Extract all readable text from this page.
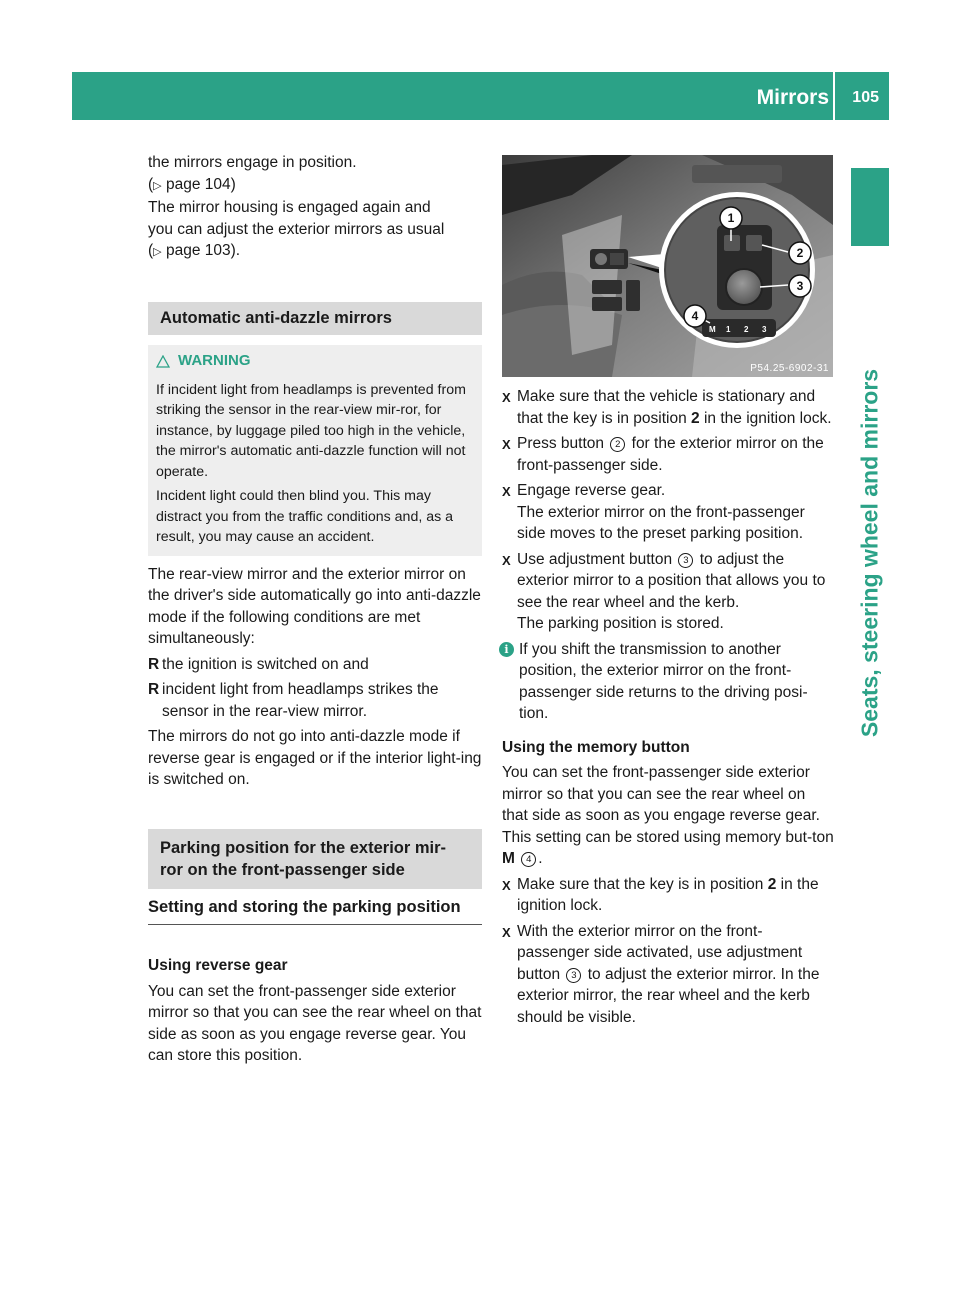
Mirrors 105
Seats, steering wheel and mirrors

the mirrors engage in position.

(▷ page 104)

The mirror housing is engaged again and

you can adjust the exterior mirrors as usual

(▷ page 103).

Automatic anti-dazzle mirrors
WARNING

If incident light from headlamps is prevented from striking the sensor in the rear-view mir-ror, for instance, by luggage piled too high in the vehicle, the mirror's automatic anti-dazzle function will not operate.

Incident light could then blind you. This may distract you from the traffic conditions and, as a result, you may cause an accident.

The rear-view mirror and the exterior mirror on the driver's side automatically go into anti-dazzle mode if the following conditions are met simultaneously:

R the ignition is switched on and
R incident light from headlamps strikes the sensor in the rear-view mirror.

The mirrors do not go into anti-dazzle mode if reverse gear is engaged or if the interior light-ing is switched on.

Parking position for the exterior mir-
ror on the front-passenger side
Setting and storing the parking position

Using reverse gear

You can set the front-passenger side exterior mirror so that you can see the rear wheel on that side as soon as you engage reverse gear. You can store this position.

M 1 2 3
1
2
3
4
P54.25-6902-31
X Make sure that the vehicle is stationary and that the key is in position 2 in the ignition lock.
X Press button 2 for the exterior mirror on the front-passenger side.
X Engage reverse gear.
The exterior mirror on the front-passenger side moves to the preset parking position.
X Use adjustment button 3 to adjust the exterior mirror to a position that allows you to see the rear wheel and the kerb.
The parking position is stored.
i If you shift the transmission to another position, the exterior mirror on the front-passenger side returns to the driving posi-tion.

Using the memory button

You can set the front-passenger side exterior mirror so that you can see the rear wheel on that side as soon as you engage reverse gear. This setting can be stored using memory but-ton M 4 .

X Make sure that the key is in position 2 in the ignition lock.
X With the exterior mirror on the front-passenger side activated, use adjustment button 3 to adjust the exterior mirror. In the exterior mirror, the rear wheel and the kerb should be visible.
